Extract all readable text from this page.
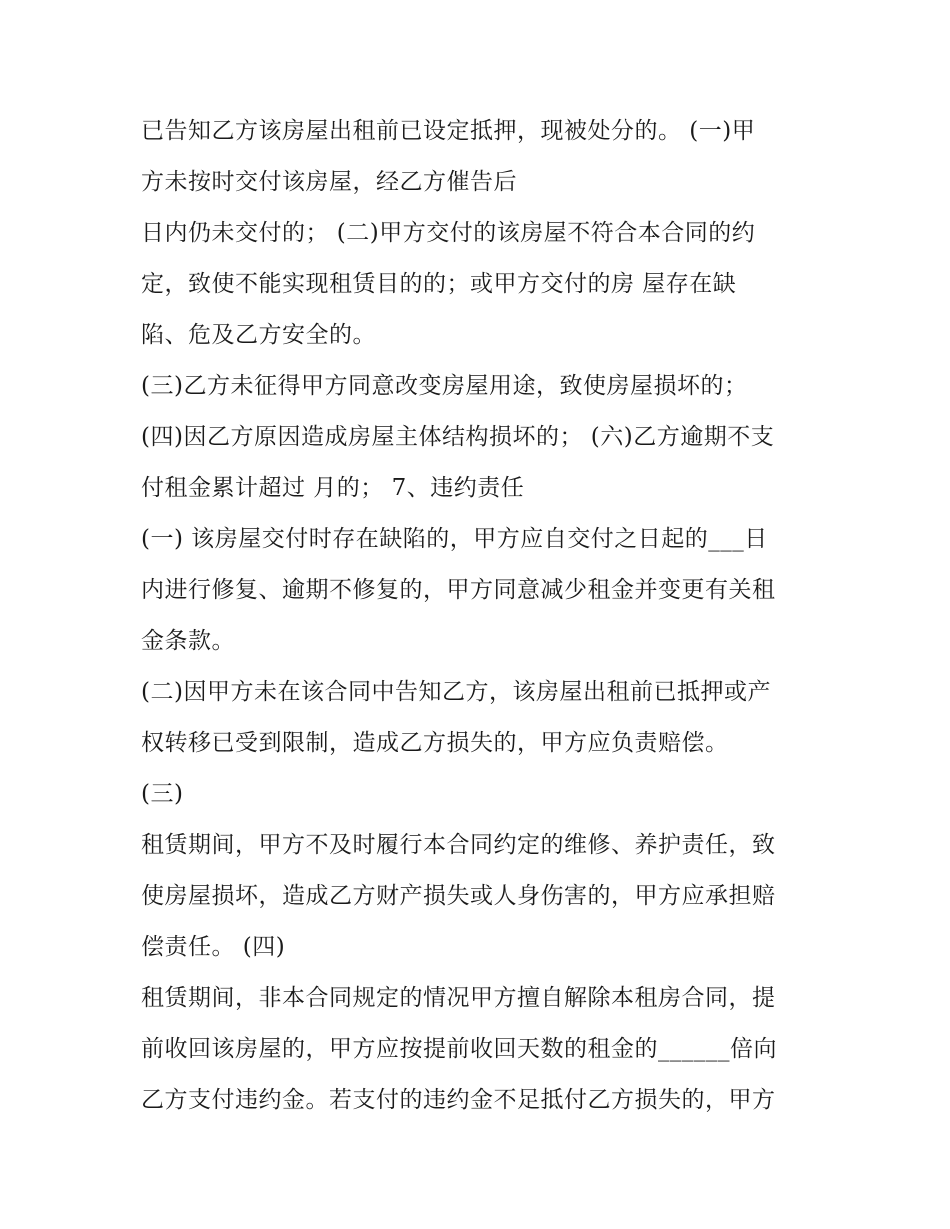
已告知乙方该房屋出租前已设定抵押，现被处分的。 (一)甲
方未按时交付该房屋，经乙方催告后
日内仍未交付的； (二)甲方交付的该房屋不符合本合同的约
定，致使不能实现租赁目的的；或甲方交付的房 屋存在缺
陷、危及乙方安全的。
(三)乙方未征得甲方同意改变房屋用途，致使房屋损坏的；
(四)因乙方原因造成房屋主体结构损坏的； (六)乙方逾期不支
付租金累计超过 月的； 7、违约责任
(一) 该房屋交付时存在缺陷的，甲方应自交付之日起的___日
内进行修复、逾期不修复的，甲方同意减少租金并变更有关租
金条款。
(二)因甲方未在该合同中告知乙方，该房屋出租前已抵押或产
权转移已受到限制，造成乙方损失的，甲方应负责赔偿。
(三)
租赁期间，甲方不及时履行本合同约定的维修、养护责任，致
使房屋损坏，造成乙方财产损失或人身伤害的，甲方应承担赔
偿责任。 (四)
租赁期间，非本合同规定的情况甲方擅自解除本租房合同，提
前收回该房屋的，甲方应按提前收回天数的租金的______倍向
乙方支付违约金。若支付的违约金不足抵付乙方损失的，甲方
